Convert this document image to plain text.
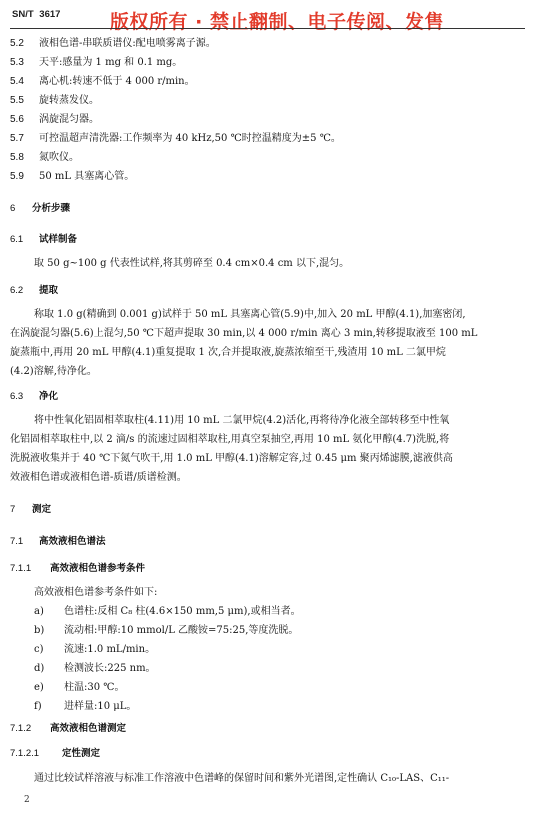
SN/T 3617	版权所有 · 禁止翻制、电子传阅、发售
5.2 液相色谱-串联质谱仪:配电喷雾离子源。
5.3 天平:感量为 1 mg 和 0.1 mg。
5.4 离心机:转速不低于 4 000 r/min。
5.5 旋转蒸发仪。
5.6 涡旋混匀器。
5.7 可控温超声清洗器:工作频率为 40 kHz,50 ℃时控温精度为±5 ℃。
5.8 氮吹仪。
5.9 50 mL 具塞离心管。
6 分析步骤
6.1 试样制备
取 50 g~100 g 代表性试样,将其剪碎至 0.4 cm×0.4 cm 以下,混匀。
6.2 提取
称取 1.0 g(精确到 0.001 g)试样于 50 mL 具塞离心管(5.9)中,加入 20 mL 甲醇(4.1),加塞密闭,
在涡旋混匀器(5.6)上混匀,50 ℃下超声提取 30 min,以 4 000 r/min 离心 3 min,转移提取液至 100 mL
旋蒸瓶中,再用 20 mL 甲醇(4.1)重复提取 1 次,合并提取液,旋蒸浓缩至干,残渣用 10 mL 二氯甲烷
(4.2)溶解,待净化。
6.3 净化
将中性氧化铝固相萃取柱(4.11)用 10 mL 二氯甲烷(4.2)活化,再将待净化液全部转移至中性氧
化铝固相萃取柱中,以 2 滴/s 的流速过固相萃取柱,用真空泵抽空,再用 10 mL 氨化甲醇(4.7)洗脱,将
洗脱液收集并于 40 ℃下氮气吹干,用 1.0 mL 甲醇(4.1)溶解定容,过 0.45 μm 聚丙烯滤膜,滤液供高
效液相色谱或液相色谱-质谱/质谱检测。
7 测定
7.1 高效液相色谱法
7.1.1 高效液相色谱参考条件
高效液相色谱参考条件如下:
a) 色谱柱:反相 C₈ 柱(4.6×150 mm,5 μm),或相当者。
b) 流动相:甲醇:10 mmol/L 乙酸铵=75:25,等度洗脱。
c) 流速:1.0 mL/min。
d) 检测波长:225 nm。
e) 柱温:30 ℃。
f) 进样量:10 μL。
7.1.2 高效液相色谱测定
7.1.2.1 定性测定
通过比较试样溶液与标准工作溶液中色谱峰的保留时间和紫外光谱图,定性确认 C₁₀-LAS、C₁₁-
2
